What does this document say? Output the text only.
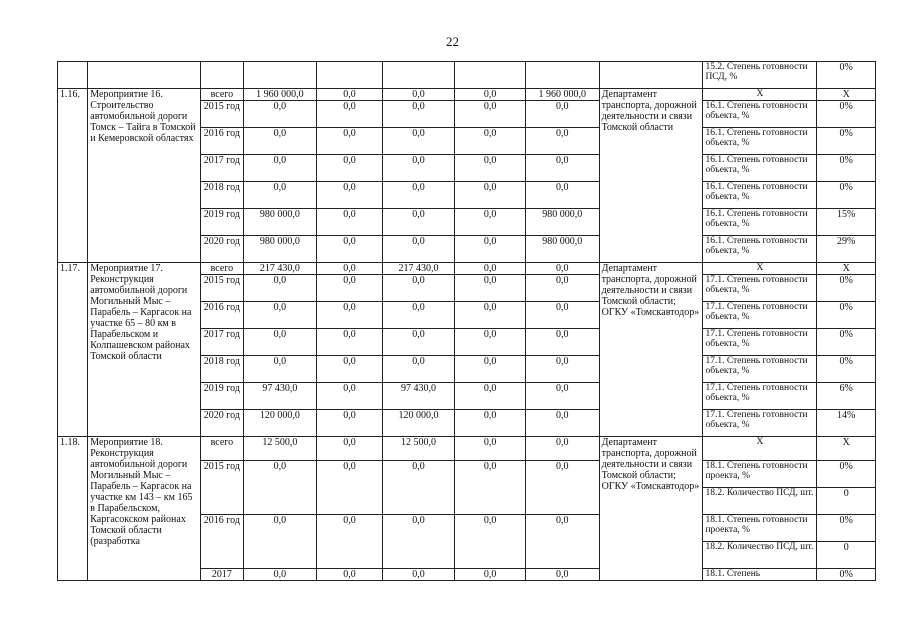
22
									15.2. Степень готовности ПСД, %	0%
1.16.	Мероприятие 16. Строительство автомобильной дороги Томск – Тайга в Томской и Кемеровской областях	всего	1 960 000,0	0,0	0,0	0,0	1 960 000,0	Департамент транспорта, дорожной деятельности и связи Томской области	Х	Х
		2015 год	0,0	0,0	0,0	0,0	0,0		16.1. Степень готовности объекта, %	0%
		2016 год	0,0	0,0	0,0	0,0	0,0		16.1. Степень готовности объекта, %	0%
		2017 год	0,0	0,0	0,0	0,0	0,0		16.1. Степень готовности объекта, %	0%
		2018 год	0,0	0,0	0,0	0,0	0,0		16.1. Степень готовности объекта, %	0%
		2019 год	980 000,0	0,0	0,0	0,0	980 000,0		16.1. Степень готовности объекта, %	15%
		2020 год	980 000,0	0,0	0,0	0,0	980 000,0		16.1. Степень готовности объекта, %	29%
1.17.	Мероприятие 17. Реконструкция автомобильной дороги Могильный Мыс – Парабель – Каргасок на участке 65 – 80 км в Парабельском и Колпашевском районах Томской области	всего	217 430,0	0,0	217 430,0	0,0	0,0	Департамент транспорта, дорожной деятельности и связи Томской области; ОГКУ «Томскавтодор»	Х	Х
		2015 год	0,0	0,0	0,0	0,0	0,0		17.1. Степень готовности объекта, %	0%
		2016 год	0,0	0,0	0,0	0,0	0,0		17.1. Степень готовности объекта, %	0%
		2017 год	0,0	0,0	0,0	0,0	0,0		17.1. Степень готовности объекта, %	0%
		2018 год	0,0	0,0	0,0	0,0	0,0		17.1. Степень готовности объекта, %	0%
		2019 год	97 430,0	0,0	97 430,0	0,0	0,0		17.1. Степень готовности объекта, %	6%
		2020 год	120 000,0	0,0	120 000,0	0,0	0,0		17.1. Степень готовности объекта, %	14%
1.18.	Мероприятие 18. Реконструкция автомобильной дороги Могильный Мыс – Парабель – Каргасок на участке км 143 – км 165 в Парабельском, Каргасокском районах Томской области (разработка	всего	12 500,0	0,0	12 500,0	0,0	0,0	Департамент транспорта, дорожной деятельности и связи Томской области; ОГКУ «Томскавтодор»	Х	Х
		2015 год	0,0	0,0	0,0	0,0	0,0		18.1. Степень готовности проекта, %	0%
									18.2. Количество ПСД, шт.	0
		2016 год	0,0	0,0	0,0	0,0	0,0		18.1. Степень готовности проекта, %	0%
									18.2. Количество ПСД, шт.	0
		2017	0,0	0,0	0,0	0,0	0,0		18.1. Степень	0%
